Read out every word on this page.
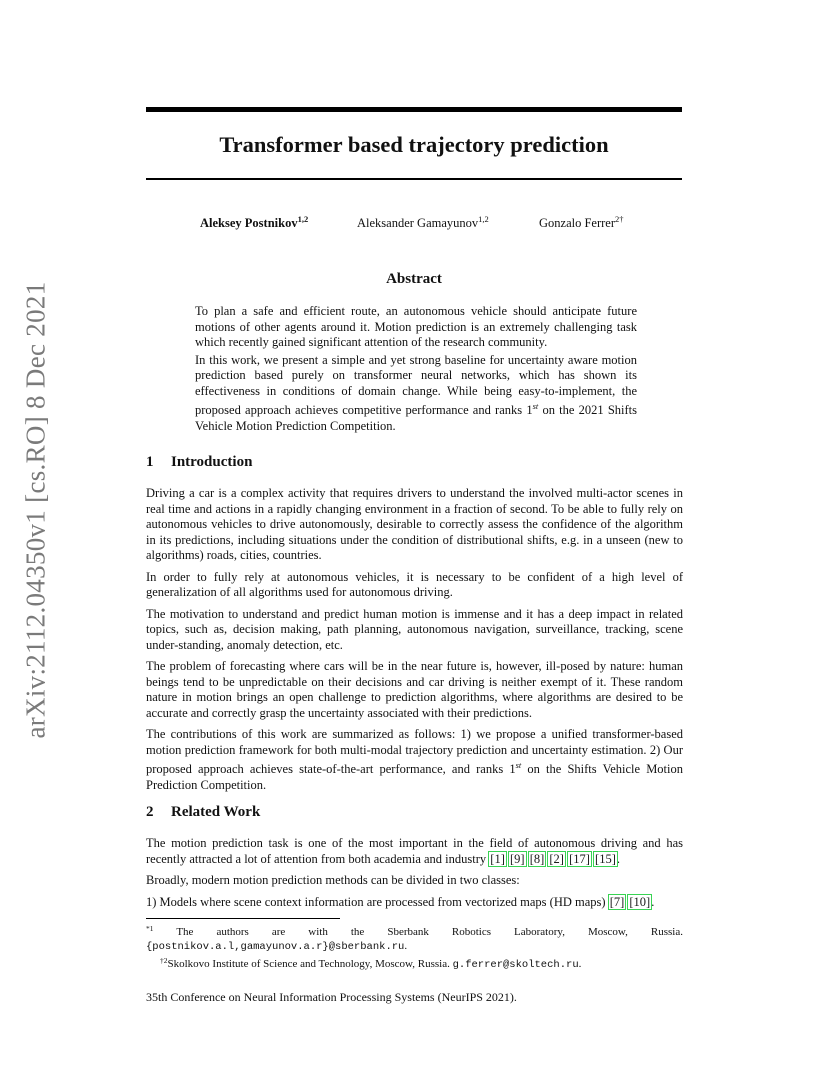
arXiv:2112.04350v1 [cs.RO] 8 Dec 2021
Transformer based trajectory prediction
Aleksey Postnikov$^{1,2}$	Aleksander Gamayunov$^{1,2}$	Gonzalo Ferrer$^{2\dagger}$
Abstract

To plan a safe and efficient route, an autonomous vehicle should anticipate future motions of other agents around it. Motion prediction is an extremely challenging task which recently gained significant attention of the research community.

In this work, we present a simple and yet strong baseline for uncertainty aware motion prediction based purely on transformer neural networks, which has shown its effectiveness in conditions of domain change. While being easy-to-implement, the proposed approach achieves competitive performance and ranks 1st on the 2021 Shifts Vehicle Motion Prediction Competition.

1 Introduction

Driving a car is a complex activity that requires drivers to understand the involved multi-actor scenes in real time and actions in a rapidly changing environment in a fraction of second. To be able to fully rely on autonomous vehicles to drive autonomously, desirable to correctly assess the confidence of the algorithm in its predictions, including situations under the condition of distributional shifts, e.g. in a unseen (new to algorithms) roads, cities, countries.

In order to fully rely at autonomous vehicles, it is necessary to be confident of a high level of generalization of all algorithms used for autonomous driving.

The motivation to understand and predict human motion is immense and it has a deep impact in related topics, such as, decision making, path planning, autonomous navigation, surveillance, tracking, scene under-standing, anomaly detection, etc.

The problem of forecasting where cars will be in the near future is, however, ill-posed by nature: human beings tend to be unpredictable on their decisions and car driving is neither exempt of it. These random nature in motion brings an open challenge to prediction algorithms, where algorithms are desired to be accurate and correctly grasp the uncertainty associated with their predictions.

The contributions of this work are summarized as follows: 1) we propose a unified transformer-based motion prediction framework for both multi-modal trajectory prediction and uncertainty estimation. 2) Our proposed approach achieves state-of-the-art performance, and ranks 1st on the Shifts Vehicle Motion Prediction Competition.

2 Related Work

The motion prediction task is one of the most important in the field of autonomous driving and has recently attracted a lot of attention from both academia and industry [1] [9] [8] [2] [17] [15].

Broadly, modern motion prediction methods can be divided in two classes:

1) Models where scene context information are processed from vectorized maps (HD maps) [7] [10].

$^{*1}$ The authors are with the Sberbank Robotics Laboratory, Moscow, Russia. {postnikov.a.l,gamayunov.a.r}@sberbank.ru.

$^{\dagger 2}$Skolkovo Institute of Science and Technology, Moscow, Russia. g.ferrer@skoltech.ru.

35th Conference on Neural Information Processing Systems (NeurIPS 2021).
